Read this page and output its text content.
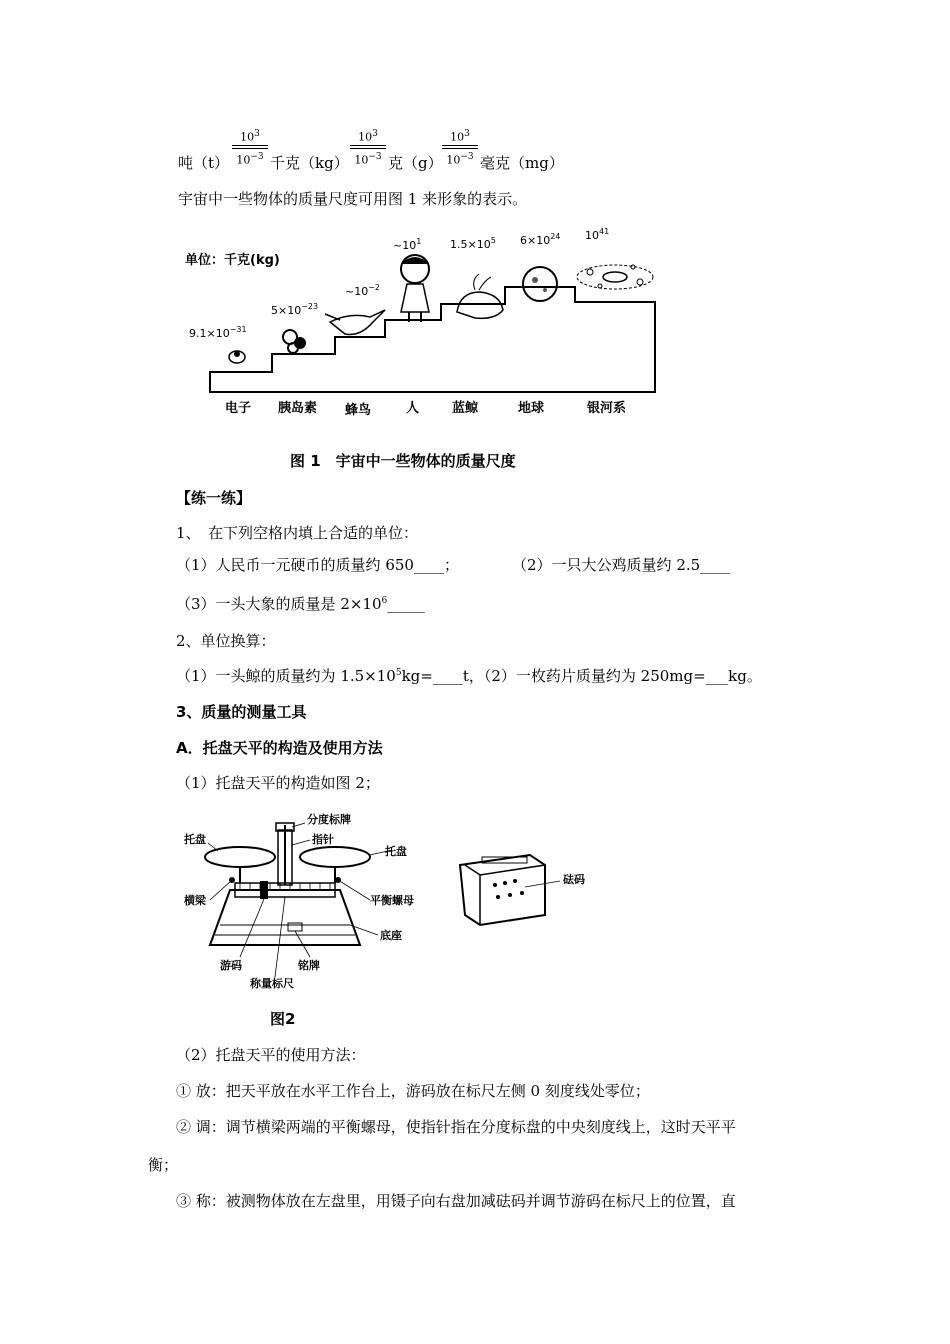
吨（t）
$10^3$
$10^{-3}$ 千克（kg）
$10^3$
$10^{-3}$ 克（g）
$10^3$
$10^{-3}$ 毫克（mg）
宇宙中一些物体的质量尺度可用图 1 来形象的表示。
单位：千克(kg)
$9.1\times 10^{-31}$
$5\times 10^{-23}$
$\sim 10^{-2}$
$\sim 10^1$	$1.5\times 10^5$ $6\times 10^{24}$ $10^{41}$
电子 胰岛素 蜂鸟	人	蓝鲸	地球	银河系
图 1　宇宙中一些物体的质量尺度
【练一练】
1、　在下列空格内填上合适的单位：
（1）人民币一元硬币的质量约 650____；	（2）一只大公鸡质量约 2.5____
（3）一头大象的质量是 $2\times 10^6\_\_\_\_\_$
2、单位换算：
（1）一头鲸的质量约为 $1.5\times 10^5kg=\_\_\_\_t$，（2）一枚药片质量约为 250mg=___kg。
3、质量的测量工具
A．托盘天平的构造及使用方法
（1）托盘天平的构造如图 2；
分度标牌
指针
托盘
托盘
横梁	平衡螺母
底座
游码	铭牌
称量标尺
砝码
图2
（2）托盘天平的使用方法：
① 放：把天平放在水平工作台上，游码放在标尺左侧 0 刻度线处零位；
② 调：调节横梁两端的平衡螺母，使指针指在分度标盘的中央刻度线上，这时天平平
衡；
③ 称：被测物体放在左盘里，用镊子向右盘加减砝码并调节游码在标尺上的位置，直
